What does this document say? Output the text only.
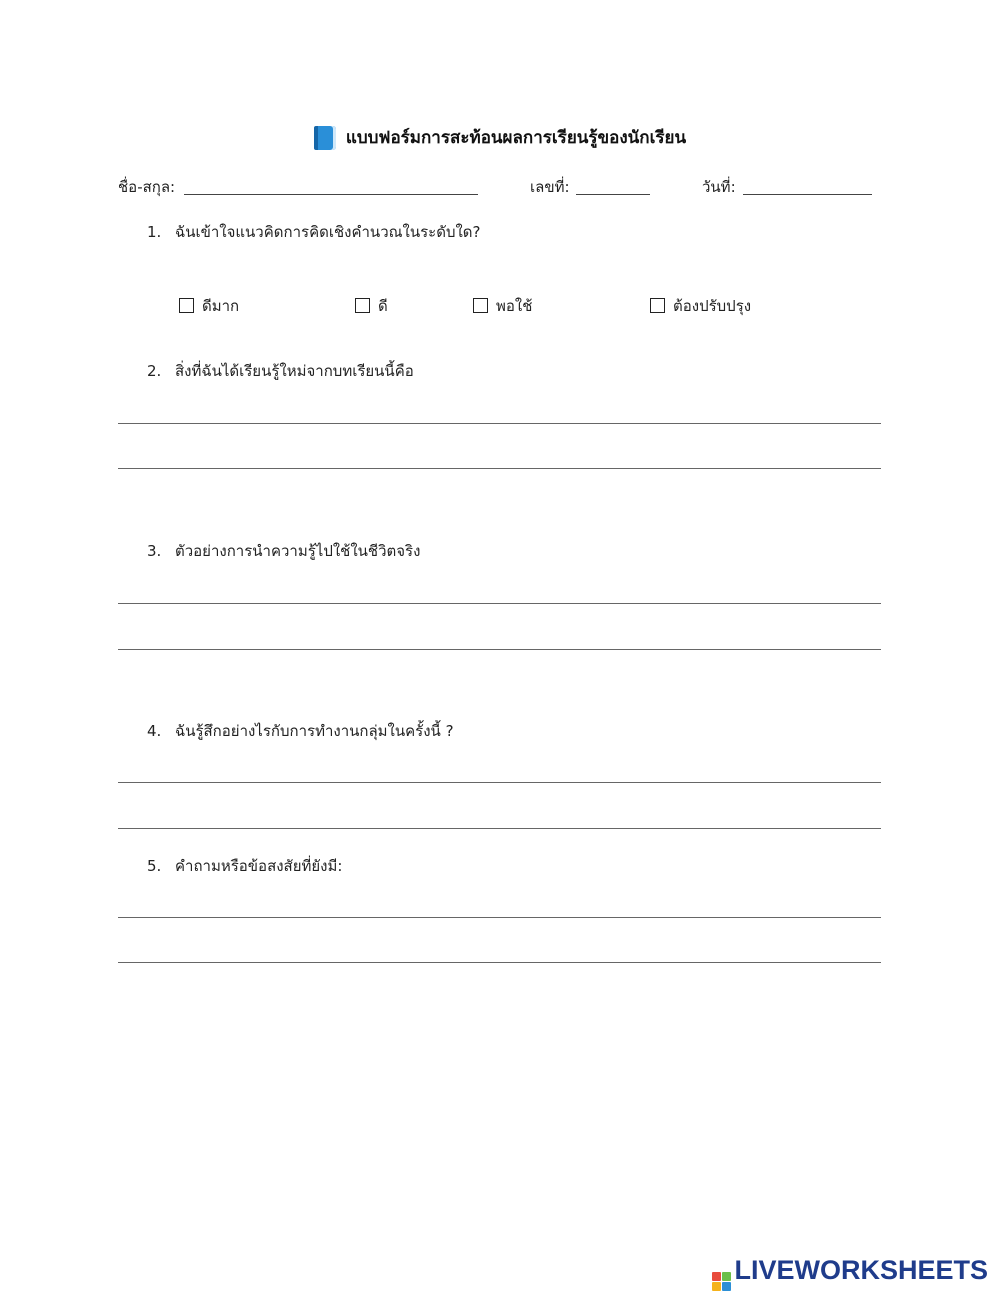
แบบฟอร์มการสะท้อนผลการเรียนรู้ของนักเรียน
ชื่อ-สกุล:	เลขที่:	วันที่:
1. ฉันเข้าใจแนวคิดการคิดเชิงคำนวณในระดับใด?
ดีมาก	ดี	พอใช้	ต้องปรับปรุง
2. สิ่งที่ฉันได้เรียนรู้ใหม่จากบทเรียนนี้คือ
3. ตัวอย่างการนำความรู้ไปใช้ในชีวิตจริง
4. ฉันรู้สึกอย่างไรกับการทำงานกลุ่มในครั้งนี้ ?
5. คำถามหรือข้อสงสัยที่ยังมี:
LIVEWORKSHEETS
